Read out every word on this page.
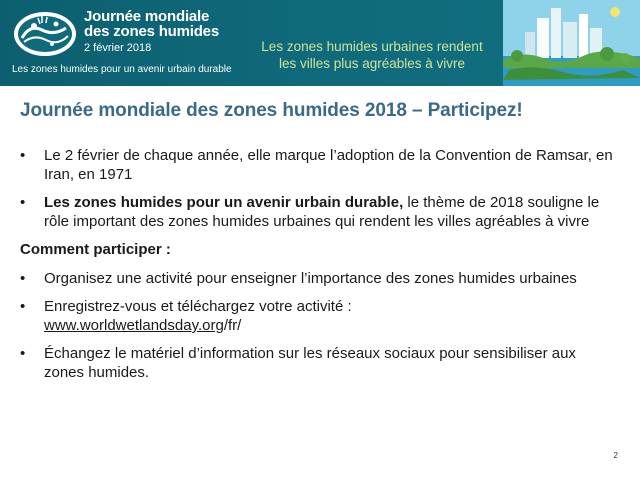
Journée mondiale
des zones humides
2 février 2018
Les zones humides pour un avenir urbain durable
Les zones humides urbaines rendent
les villes plus agréables à vivre
Journée mondiale des zones humides 2018 – Participez!
• Le 2 février de chaque année, elle marque l’adoption de la Convention de Ramsar, en Iran, en 1971
• Les zones humides pour un avenir urbain durable, le thème de 2018 souligne le rôle important des zones humides urbaines qui rendent les villes agréables à vivre
Comment participer :
• Organisez une activité pour enseigner l’importance des zones humides urbaines
• Enregistrez-vous et téléchargez votre activité :
www.worldwetlandsday.org/fr/
• Échangez le matériel d’information sur les réseaux sociaux pour sensibiliser aux zones humides.
2
